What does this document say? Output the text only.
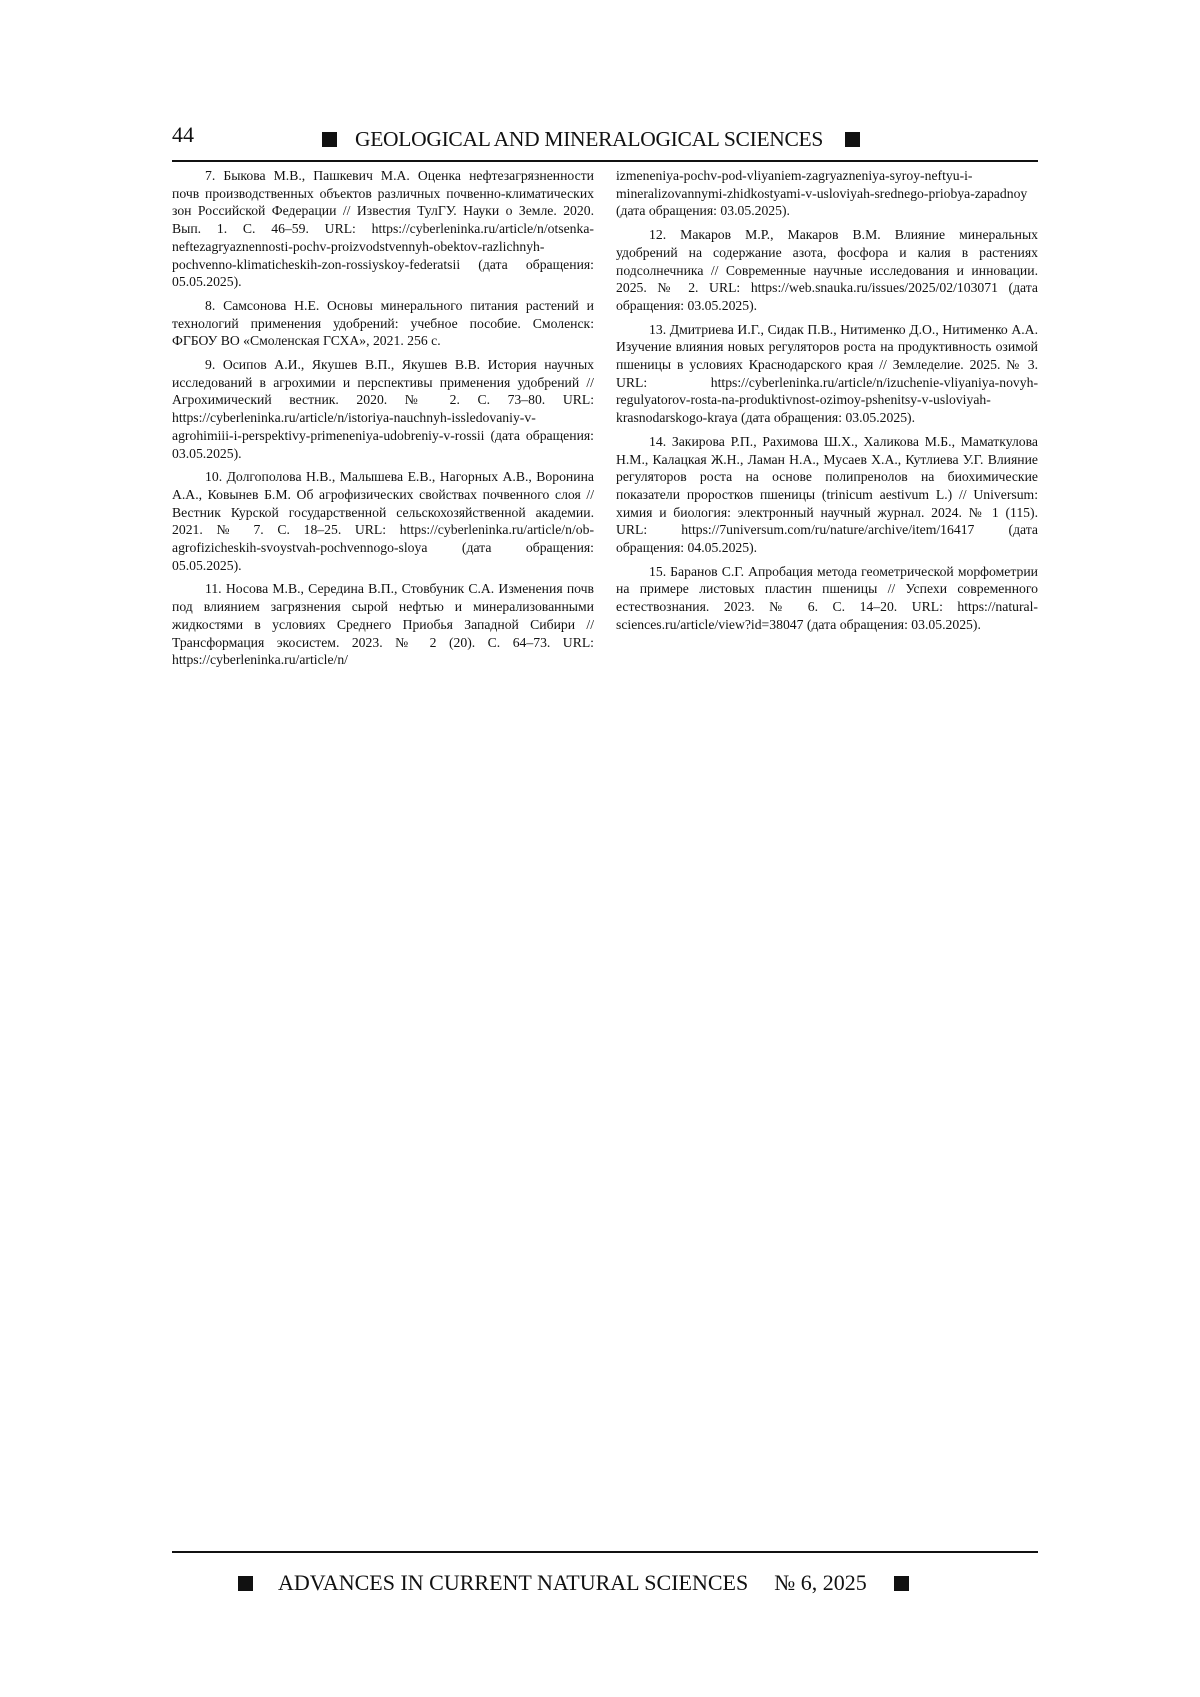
44	GEOLOGICAL AND MINERALOGICAL SCIENCES

7. Быкова М.В., Пашкевич М.А. Оценка нефтезагрязненности почв производственных объектов различных почвенно-климатических зон Российской Федерации // Известия ТулГУ. Науки о Земле. 2020. Вып. 1. С. 46–59. URL: https://cyberleninka.ru/article/n/otsenka-neftezagryaznennosti-pochv-proizvodstvennyh-obektov-razlichnyh-pochvenno-klimaticheskih-zon-rossiyskoy-federatsii (дата обращения: 05.05.2025).

8. Самсонова Н.Е. Основы минерального питания растений и технологий применения удобрений: учебное пособие. Смоленск: ФГБОУ ВО «Смоленская ГСХА», 2021. 256 с.

9. Осипов А.И., Якушев В.П., Якушев В.В. История научных исследований в агрохимии и перспективы применения удобрений // Агрохимический вестник. 2020. № 2. С. 73–80. URL: https://cyberleninka.ru/article/n/istoriya-nauchnyh-issledovaniy-v-agrohimiii-i-perspektivy-primeneniya-udobreniy-v-rossii (дата обращения: 03.05.2025).

10. Долгополова Н.В., Малышева Е.В., Нагорных А.В., Воронина А.А., Ковынев Б.М. Об агрофизических свойствах почвенного слоя // Вестник Курской государственной сельскохозяйственной академии. 2021. № 7. С. 18–25. URL: https://cyberleninka.ru/article/n/ob-agrofizicheskih-svoystvah-pochvennogo-sloya (дата обращения: 05.05.2025).

11. Носова М.В., Середина В.П., Стовбуник С.А. Изменения почв под влиянием загрязнения сырой нефтью и минерализованными жидкостями в условиях Среднего Приобья Западной Сибири // Трансформация экосистем. 2023. № 2 (20). С. 64–73. URL: https://cyberleninka.ru/article/n/

izmeneniya-pochv-pod-vliyaniem-zagryazneniya-syroy-neftyu-i-mineralizovannymi-zhidkostyami-v-usloviyah-srednego-priobya-zapadnoy (дата обращения: 03.05.2025).

12. Макаров М.Р., Макаров В.М. Влияние минеральных удобрений на содержание азота, фосфора и калия в растениях подсолнечника // Современные научные исследования и инновации. 2025. № 2. URL: https://web.snauka.ru/issues/2025/02/103071 (дата обращения: 03.05.2025).

13. Дмитриева И.Г., Сидак П.В., Нитименко Д.О., Нитименко А.А. Изучение влияния новых регуляторов роста на продуктивность озимой пшеницы в условиях Краснодарского края // Земледелие. 2025. № 3. URL: https://cyberleninka.ru/article/n/izuchenie-vliyaniya-novyh-regulyatorov-rosta-na-produktivnost-ozimoy-pshenitsy-v-usloviyah-krasnodarskogo-kraya (дата обращения: 03.05.2025).

14. Закирова Р.П., Рахимова Ш.Х., Халикова М.Б., Маматкулова Н.М., Калацкая Ж.Н., Ламан Н.А., Мусаев Х.А., Кутлиева У.Г. Влияние регуляторов роста на основе полипренолов на биохимические показатели проростков пшеницы (trinicum aestivum L.) // Universum: химия и биология: электронный научный журнал. 2024. № 1 (115). URL: https://7universum.com/ru/nature/archive/item/16417 (дата обращения: 04.05.2025).

15. Баранов С.Г. Апробация метода геометрической морфометрии на примере листовых пластин пшеницы // Успехи современного естествознания. 2023. № 6. С. 14–20. URL: https://natural-sciences.ru/article/view?id=38047 (дата обращения: 03.05.2025).

ADVANCES IN CURRENT NATURAL SCIENCES № 6, 2025
